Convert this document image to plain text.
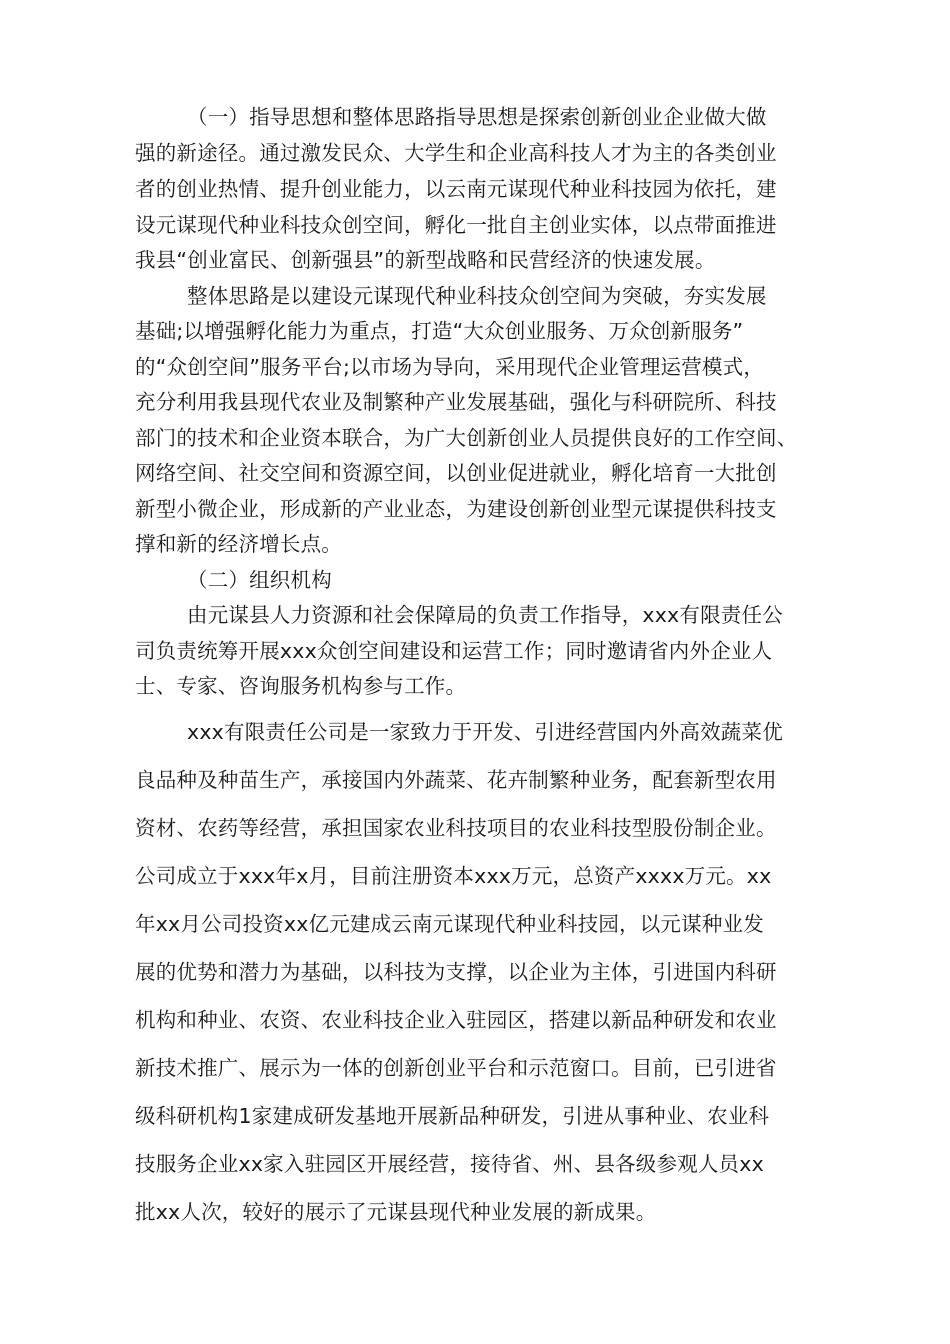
（一）指导思想和整体思路指导思想是探索创新创业企业做大做
强的新途径。通过激发民众、大学生和企业高科技人才为主的各类创业
者的创业热情、提升创业能力，以云南元谋现代种业科技园为依托，建
设元谋现代种业科技众创空间，孵化一批自主创业实体，以点带面推进
我县“创业富民、创新强县”的新型战略和民营经济的快速发展。
整体思路是以建设元谋现代种业科技众创空间为突破，夯实发展
基础;以增强孵化能力为重点，打造“大众创业服务、万众创新服务”
的“众创空间”服务平台;以市场为导向，采用现代企业管理运营模式，
充分利用我县现代农业及制繁种产业发展基础，强化与科研院所、科技
部门的技术和企业资本联合，为广大创新创业人员提供良好的工作空间、
网络空间、社交空间和资源空间，以创业促进就业，孵化培育一大批创
新型小微企业，形成新的产业业态，为建设创新创业型元谋提供科技支
撑和新的经济增长点。
（二）组织机构
由元谋县人力资源和社会保障局的负责工作指导，xxx有限责任公
司负责统筹开展xxx众创空间建设和运营工作；同时邀请省内外企业人
士、专家、咨询服务机构参与工作。
xxx有限责任公司是一家致力于开发、引进经营国内外高效蔬菜优
良品种及种苗生产，承接国内外蔬菜、花卉制繁种业务，配套新型农用
资材、农药等经营，承担国家农业科技项目的农业科技型股份制企业。
公司成立于xxx年x月，目前注册资本xxx万元，总资产xxxx万元。xx
年xx月公司投资xx亿元建成云南元谋现代种业科技园，以元谋种业发
展的优势和潜力为基础，以科技为支撑，以企业为主体，引进国内科研
机构和种业、农资、农业科技企业入驻园区，搭建以新品种研发和农业
新技术推广、展示为一体的创新创业平台和示范窗口。目前，已引进省
级科研机构1家建成研发基地开展新品种研发，引进从事种业、农业科
技服务企业xx家入驻园区开展经营，接待省、州、县各级参观人员xx
批xx人次，较好的展示了元谋县现代种业发展的新成果。
